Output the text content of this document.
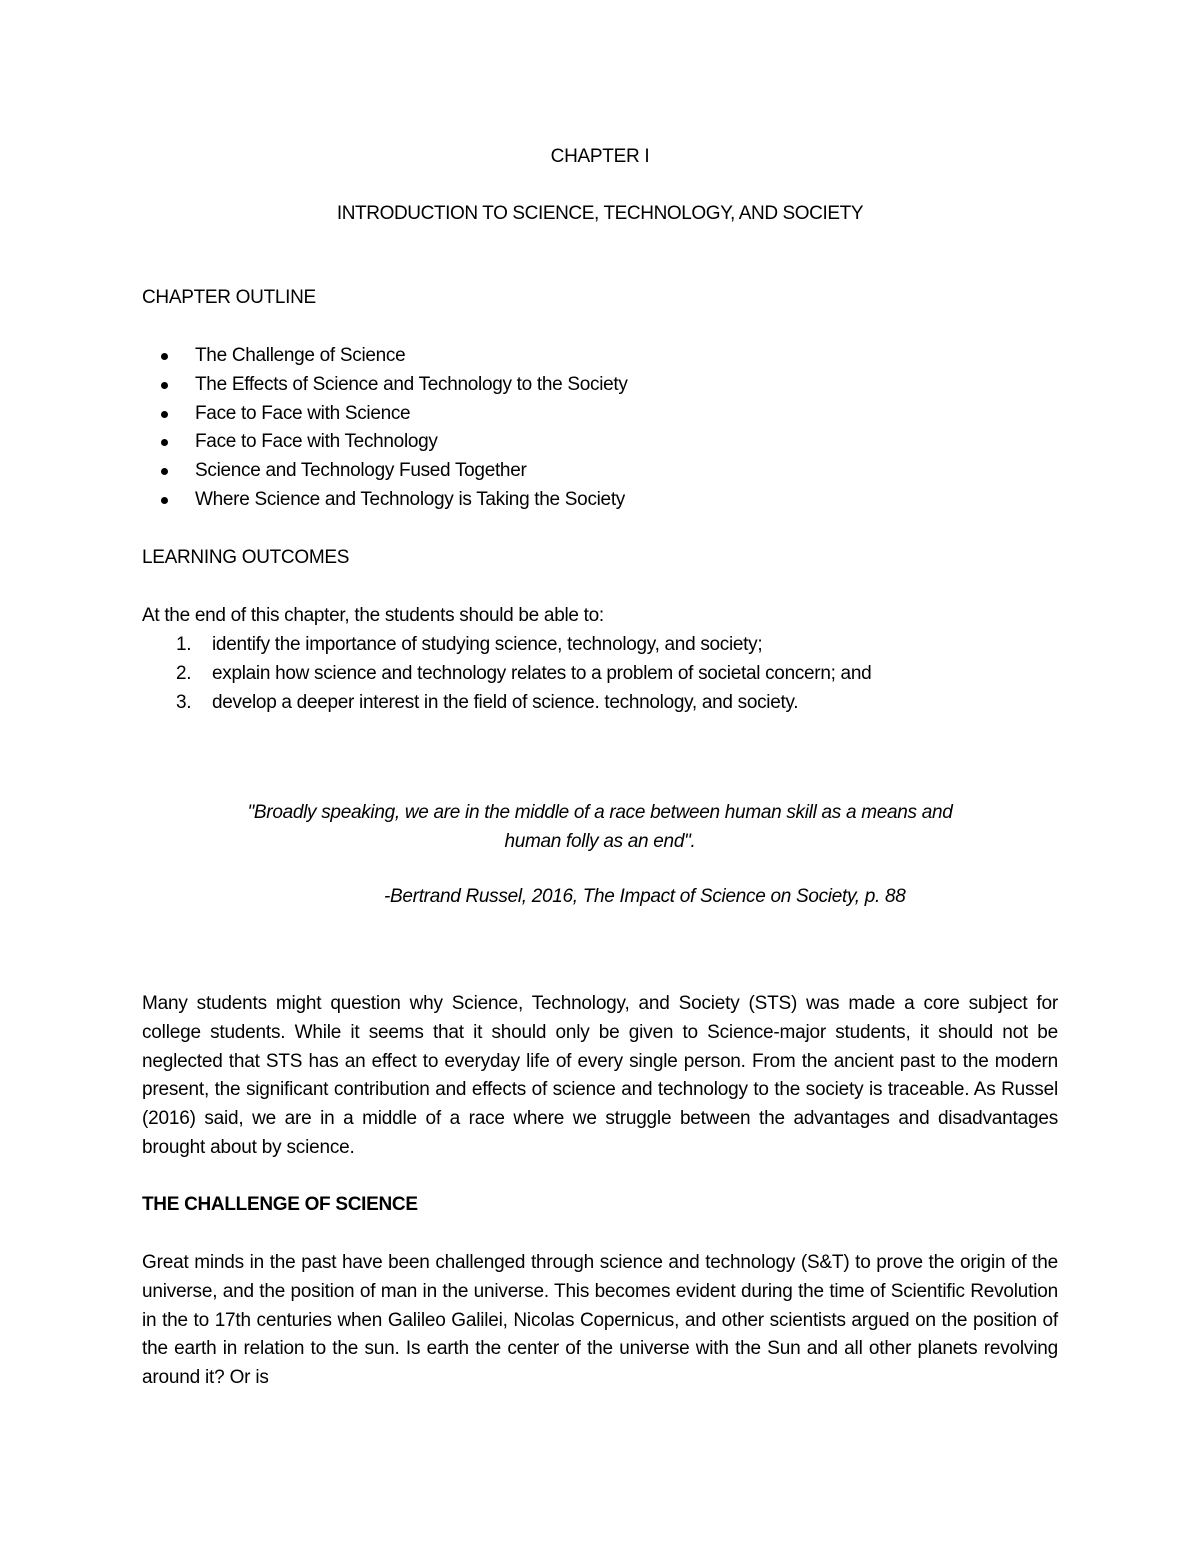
CHAPTER I
INTRODUCTION TO SCIENCE, TECHNOLOGY, AND SOCIETY
CHAPTER OUTLINE
The Challenge of Science
The Effects of Science and Technology to the Society
Face to Face with Science
Face to Face with Technology
Science and Technology Fused Together
Where Science and Technology is Taking the Society
LEARNING OUTCOMES
At the end of this chapter, the students should be able to:
1. identify the importance of studying science, technology, and society;
2. explain how science and technology relates to a problem of societal concern; and
3. develop a deeper interest in the field of science. technology, and society.
"Broadly speaking, we are in the middle of a race between human skill as a means and
human folly as an end".
-Bertrand Russel, 2016, The Impact of Science on Society, p. 88

Many students might question why Science, Technology, and Society (STS) was made a core subject for college students. While it seems that it should only be given to Science-major students, it should not be neglected that STS has an effect to everyday life of every single person. From the ancient past to the modern present, the significant contribution and effects of science and technology to the society is traceable. As Russel (2016) said, we are in a middle of a race where we struggle between the advantages and disadvantages brought about by science.

THE CHALLENGE OF SCIENCE

Great minds in the past have been challenged through science and technology (S&T) to prove the origin of the universe, and the position of man in the universe. This becomes evident during the time of Scientific Revolution in the to 17th centuries when Galileo Galilei, Nicolas Copernicus, and other scientists argued on the position of the earth in relation to the sun. Is earth the center of the universe with the Sun and all other planets revolving around it? Or is
